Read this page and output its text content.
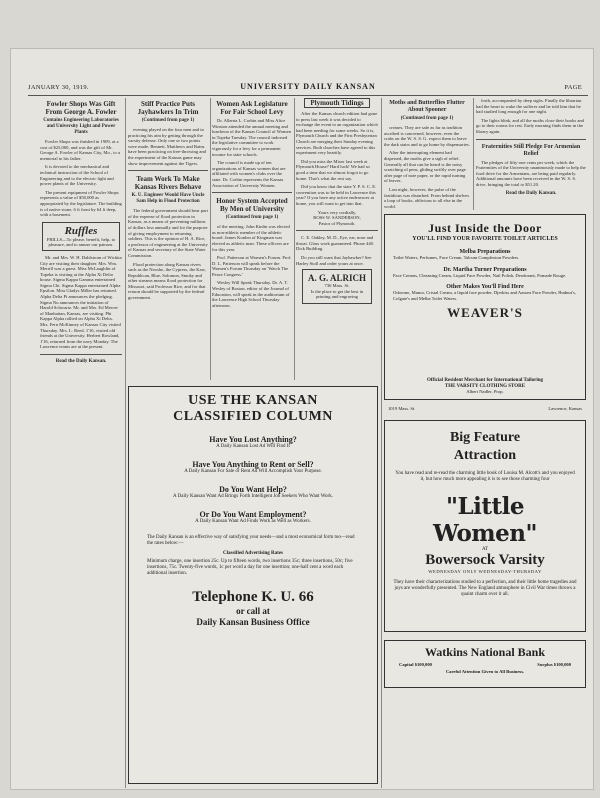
JANUARY 30, 1919.	UNIVERSITY DAILY KANSAN	PAGE
Fowler Shops Was Gift From George A. Fowler
Contains Engineering Laboratories and University Light and Power Plants

Fowler Shops was finished in 1909, at a cost of $25,000, and was the gift of Mr. George A. Fowler of Kansas City, Mo., to a memorial to his father.

It is devoted to the mechanical and technical instruction of the School of Engineering and to the electric light and power plants of the University.

The present equipment of Fowler Shops represents a value of $50,000 as appropriated by the legislature. The building is of native stone, 6 ft front by 64 ft deep, with a basement.

Ruffles
FRILLS—To please, benefit, help, to pleasure, and to amuse our patrons.

Mr. and Mrs. W. H. Dahlstrom of Wichita City are visiting their daughter. Mrs. Wm. Merrill was a guest. Miss McLaughlin of Topeka is visiting at the Alpha Xi Delta house. Sigma Kappa Gamma entertained Sigma Chi. Sigma Kappa entertained Alpha Epsilon. Miss Gladys Miller has returned. Alpha Delta Pi announces the pledging. Sigma Nu announces the initiation of Harold Schwartz. Mr. and Mrs. Ed Mercer of Manhattan, Kansas, are visiting. Phi Kappa Alpha rallied on Alpha Xi Delta. Mrs. Fern McKinney of Kansas City visited Thursday. Mrs. L. Reed, 1'16, visited old friends at the University. Herbert Rowland, 1'16, returned from the navy Monday. The Lawrence teams are at the present.

Read the Daily Kansan.
Stiff Practice Puts Jayhawkers In Trim
(Continued from page 1)

evening played on the four men and in practicing his aim by getting through the varsity defense. Only one or two points were made. Bennett, Matthews and Rains have been practicing on free-throwing and the experiment of the Kansas game may show improvement against the Tigers.

Team Work To Make Kansas Rivers Behave
K. U. Engineer Would Have Uncle Sam Help in Flood Protection

The federal government should bear part of the expense of flood protection in Kansas, as a means of preventing millions of dollars loss annually and for the purpose of giving employment to returning soldiers. This is the opinion of H. A. Rice, a professor of engineering at the University of Kansas and secretary of the State Water Commission.

Flood protection along Kansas rivers such as the Neosho, the Cypress, the Kaw, Republican, Blue, Solomon, Smoky and other streams means flood protection for Missouri, said Professor Rice, and for that reason should be supported by the federal government.

Women Ask Legislature For Fair School Levy

Dr. Alberta L. Corbin and Miss Alice Winston attended the annual meeting and luncheon of the Kansas Council of Women in Topeka Tuesday. The council indorsed the legislative committee to work vigorously for a levy for a permanent income for state schools.

The council is made up of ten organizations of Kansas women that are affiliated with women's clubs over the state. Dr. Corbin represents the Kansas Association of University Women.

Honor System Accepted By Men of University
(Continued from page 1)

of the meeting. John Kinlin was elected as non-athletic member of the athletic board. James Konlen of Kingman was elected as athletic man. These officers are for this year.

Prof. Patterson at Women's Forum. Prof. D. L. Patterson will speak before the Women's Forum Thursday on 'Watch The Peace Congress.'

Wesley Will Speak Thursday. Dr. A. T. Wesley of Boston, editor of the Journal of Education, will speak in the auditorium of the Lawrence High School Thursday afternoon.

Plymouth Tidings

After the Kansas church edition had gone to press last week it was decided to exchange the event to an organization which had been needing for some weeks. So it is, Plymouth Church and the First Presbyterian Church are merging their Sunday evening services. Both churches have agreed to this experiment very heartily.

Did you miss the Mixer last week at Plymouth House? Hard luck! We had so good a time that we almost forgot to go home. That's what the rest say.

Did you know that the state Y. P. S. C. E. convention was to be held in Lawrence this year? If you have any active endeavorer at home, you will want to get into that.

Yours very cordially,
ROSS W. SANDERSON,
Pastor of Plymouth.

C. E. Oakley, M. D., Eye, ear, nose and throat. Glass work guaranteed. Phone 440. Dick Building.

Do you still want that Jayhawker? See Harley Stoll and order yours at once.

A. G. ALRICH
736 Mass. St.
Is the place to get the best in printing and engraving
Moths and Butterflies Flutter About Spooner
(Continued from page 1)

creases. They are safe as far as tradition ascribed is concerned, however, even the crabs on the W. S. S. G. expect them to leave the dark stairs and to go home by dispensaries.

After the interrupting element had dispersed, the moths give a sigh of relief. Generally all that can be heard is the noisy scratching of pens, gliding swiftly over page after page of note paper, or the rapid turning of leaves.

Last night, however, the pulse of the fastidious was disturbed. From behind shelves a loop of books, oblivious to all else in the world.

forth, accompanied by deep sighs. Finally the librarian had the heart to wake the sufferer and he told him that he had studied long enough for one night.

The lights blink, and all the moths close their books and go to their rooms for rest. Early morning finds them in the library again.

Fraternities Still Pledge For Armenian Relief

The pledges of fifty-one cents per week, which the Fraternities of the University unanimously made to help the food drive for the Armenians, are being paid regularly. Additional amounts have been received in the W. S. S. drive, bringing the total to $51.20.

Read the Daily Kansan.
Just Inside the Door
YOU'LL FIND YOUR FAVORITE TOILET ARTICLES
Melba Preparations
Toilet Waters, Perfumes, Face Cream, Talcum Complexion Powders.
Dr. Martha Turner Preparations
Face Creams, Cleansing Cream, Liquid Face Powder, Nail Polish, Deodorant, Pomade Rouge.
Other Makes You'll Find Here
Odorono, Mumo, Cristal Cream, a liquid face powder, Djerkiss and Azurea Face Powder, Hudnut's, Colgate's and Melba Toilet Waters.
WEAVER'S
Official Resident Merchant for International Tailoring
THE VARSITY CLOTHING STORE
Albert Nadler, Prop.
1019 Mass. St.	Lawrence, Kansas
USE THE KANSAN
CLASSIFIED COLUMN
Have You Lost Anything?
A Daily Kansan Lost Ad Will Find It
Have You Anything to Rent or Sell?
A Daily Kansan For Sale or Rent Ad Will Accomplish Your Purpose.
Do You Want Help?
A Daily Kansan Want Ad Brings Forth Intelligent Job Seekers Who Want Work.
Or Do You Want Employment?
A Daily Kansan Want Ad Finds Work as Well as Workers.
The Daily Kansan is an effective way of satisfying your needs—and a most economical form too—read the rates below:—
Classified Advertising Rates
Minimum charge, one insertion 25c. Up to fifteen words, two insertions 35c; three insertions, 50c; five insertions, 75c. Twenty-five words, 1c per word a day for one insertion; one-half cent a word each additional insertion.
Telephone K. U. 66
or call at
Daily Kansan Business Office
Big Feature
Attraction
You have read and re-read the charming little book of Louisa M. Alcott's and you enjoyed it, but how much more appealing it is to see those charming four
"Little Women"
AT
Bowersock Varsity
WEDNESDAY ONLY WEDNESDAY-THURSDAY
They have their characterizations studied to a perfection, and their little home tragedies and joys are wonderfully presented. The New England atmosphere in Civil War times throws a quaint charm over it all.
Watkins National Bank
Capital $100,000	Surplus $100,000
Careful Attention Given to All Business.
